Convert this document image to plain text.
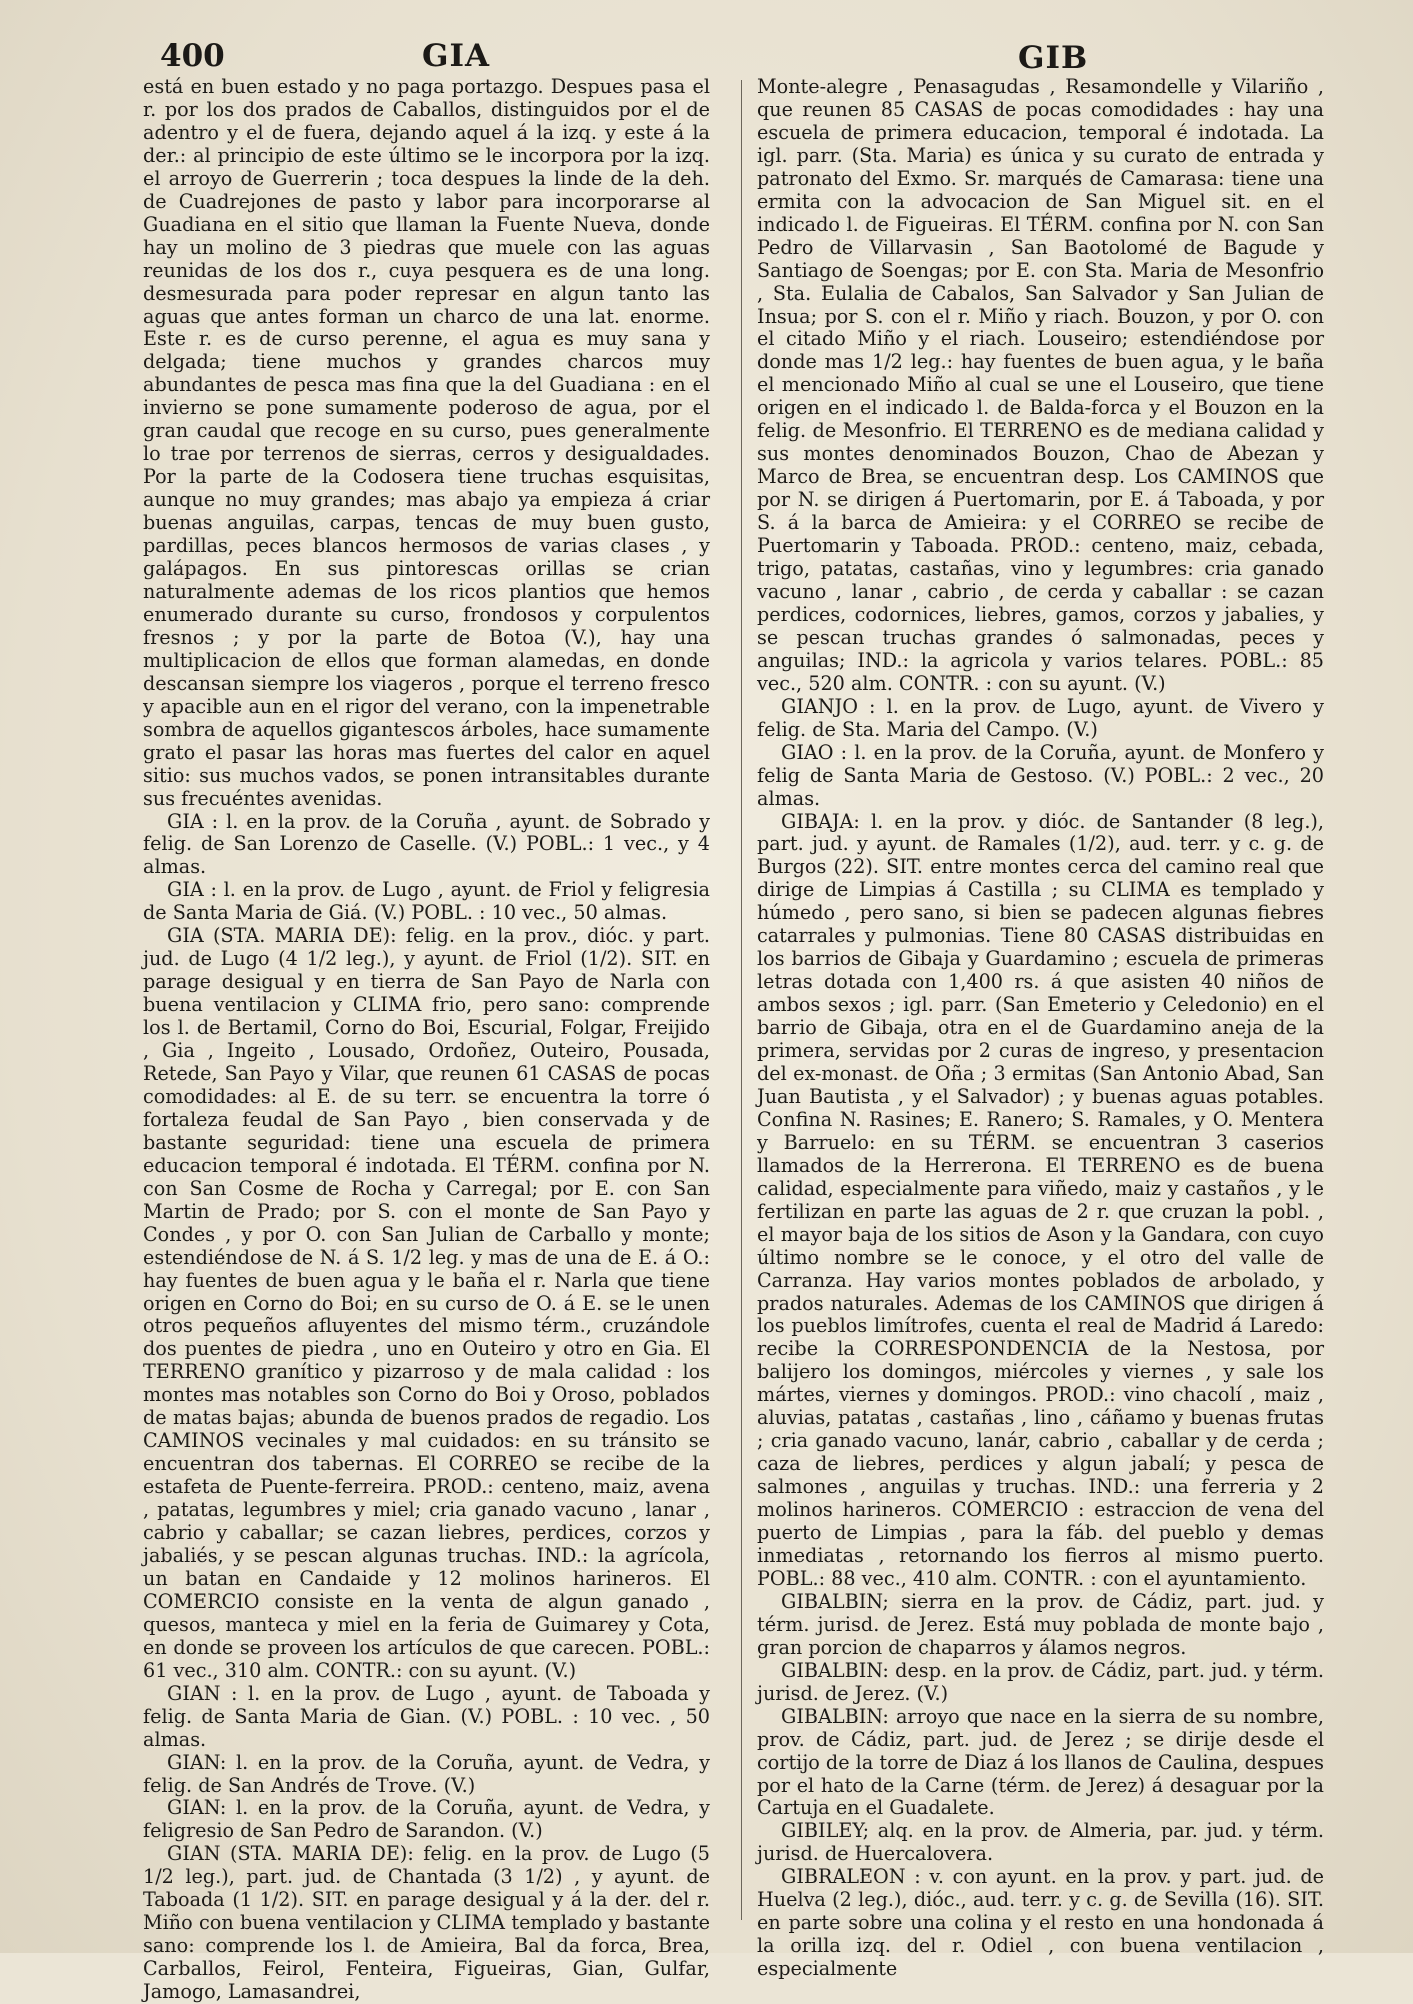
400	GIA	GIB

está en buen estado y no paga portazgo. Despues pasa el r. por los dos prados de Caballos, distinguidos por el de adentro y el de fuera, dejando aquel á la izq. y este á la der.: al principio de este último se le incorpora por la izq. el arroyo de Guerrerin ; toca despues la linde de la deh. de Cuadrejones de pasto y labor para incorporarse al Guadiana en el sitio que llaman la Fuente Nueva, donde hay un molino de 3 piedras que muele con las aguas reunidas de los dos r., cuya pesquera es de una long. desmesurada para poder represar en algun tanto las aguas que antes forman un charco de una lat. enorme. Este r. es de curso perenne, el agua es muy sana y delgada; tiene muchos y grandes charcos muy abundantes de pesca mas fina que la del Guadiana : en el invierno se pone sumamente poderoso de agua, por el gran caudal que recoge en su curso, pues generalmente lo trae por terrenos de sierras, cerros y desigualdades. Por la parte de la Codosera tiene truchas esquisitas, aunque no muy grandes; mas abajo ya empieza á criar buenas anguilas, carpas, tencas de muy buen gusto, pardillas, peces blancos hermosos de varias clases , y galápagos. En sus pintorescas orillas se crian naturalmente ademas de los ricos plantios que hemos enumerado durante su curso, frondosos y corpulentos fresnos ; y por la parte de Botoa (V.), hay una multiplicacion de ellos que forman alamedas, en donde descansan siempre los viageros , porque el terreno fresco y apacible aun en el rigor del verano, con la impenetrable sombra de aquellos gigantescos árboles, hace sumamente grato el pasar las horas mas fuertes del calor en aquel sitio: sus muchos vados, se ponen intransitables durante sus frecuéntes avenidas.

GIA : l. en la prov. de la Coruña , ayunt. de Sobrado y felig. de San Lorenzo de Caselle. (V.) POBL.: 1 vec., y 4 almas.

GIA : l. en la prov. de Lugo , ayunt. de Friol y feligresia de Santa Maria de Giá. (V.) POBL. : 10 vec., 50 almas.

GIA (STA. MARIA DE): felig. en la prov., dióc. y part. jud. de Lugo (4 1/2 leg.), y ayunt. de Friol (1/2). SIT. en parage desigual y en tierra de San Payo de Narla con buena ventilacion y CLIMA frio, pero sano: comprende los l. de Bertamil, Corno do Boi, Escurial, Folgar, Freijido , Gia , Ingeito , Lousado, Ordoñez, Outeiro, Pousada, Retede, San Payo y Vilar, que reunen 61 CASAS de pocas comodidades: al E. de su terr. se encuentra la torre ó fortaleza feudal de San Payo , bien conservada y de bastante seguridad: tiene una escuela de primera educacion temporal é indotada. El TÉRM. confina por N. con San Cosme de Rocha y Carregal; por E. con San Martin de Prado; por S. con el monte de San Payo y Condes , y por O. con San Julian de Carballo y monte; estendiéndose de N. á S. 1/2 leg. y mas de una de E. á O.: hay fuentes de buen agua y le baña el r. Narla que tiene origen en Corno do Boi; en su curso de O. á E. se le unen otros pequeños afluyentes del mismo térm., cruzándole dos puentes de piedra , uno en Outeiro y otro en Gia. El TERRENO granítico y pizarroso y de mala calidad : los montes mas notables son Corno do Boi y Oroso, poblados de matas bajas; abunda de buenos prados de regadio. Los CAMINOS vecinales y mal cuidados: en su tránsito se encuentran dos tabernas. El CORREO se recibe de la estafeta de Puente-ferreira. PROD.: centeno, maiz, avena , patatas, legumbres y miel; cria ganado vacuno , lanar , cabrio y caballar; se cazan liebres, perdices, corzos y jabaliés, y se pescan algunas truchas. IND.: la agrícola, un batan en Candaide y 12 molinos harineros. El COMERCIO consiste en la venta de algun ganado , quesos, manteca y miel en la feria de Guimarey y Cota, en donde se proveen los artículos de que carecen. POBL.: 61 vec., 310 alm. CONTR.: con su ayunt. (V.)

GIAN : l. en la prov. de Lugo , ayunt. de Taboada y felig. de Santa Maria de Gian. (V.) POBL. : 10 vec. , 50 almas.

GIAN: l. en la prov. de la Coruña, ayunt. de Vedra, y felig. de San Andrés de Trove. (V.)

GIAN: l. en la prov. de la Coruña, ayunt. de Vedra, y feligresio de San Pedro de Sarandon. (V.)

GIAN (STA. MARIA DE): felig. en la prov. de Lugo (5 1/2 leg.), part. jud. de Chantada (3 1/2) , y ayunt. de Taboada (1 1/2). SIT. en parage desigual y á la der. del r. Miño con buena ventilacion y CLIMA templado y bastante sano: comprende los l. de Amieira, Bal da forca, Brea, Carballos, Feirol, Fenteira, Figueiras, Gian, Gulfar, Jamogo, Lamasandrei,

Monte-alegre , Penasagudas , Resamondelle y Vilariño , que reunen 85 CASAS de pocas comodidades : hay una escuela de primera educacion, temporal é indotada. La igl. parr. (Sta. Maria) es única y su curato de entrada y patronato del Exmo. Sr. marqués de Camarasa: tiene una ermita con la advocacion de San Miguel sit. en el indicado l. de Figueiras. El TÉRM. confina por N. con San Pedro de Villarvasin , San Baotolomé de Bagude y Santiago de Soengas; por E. con Sta. Maria de Mesonfrio , Sta. Eulalia de Cabalos, San Salvador y San Julian de Insua; por S. con el r. Miño y riach. Bouzon, y por O. con el citado Miño y el riach. Louseiro; estendiéndose por donde mas 1/2 leg.: hay fuentes de buen agua, y le baña el mencionado Miño al cual se une el Louseiro, que tiene origen en el indicado l. de Balda-forca y el Bouzon en la felig. de Mesonfrio. El TERRENO es de mediana calidad y sus montes denominados Bouzon, Chao de Abezan y Marco de Brea, se encuentran desp. Los CAMINOS que por N. se dirigen á Puertomarin, por E. á Taboada, y por S. á la barca de Amieira: y el CORREO se recibe de Puertomarin y Taboada. PROD.: centeno, maiz, cebada, trigo, patatas, castañas, vino y legumbres: cria ganado vacuno , lanar , cabrio , de cerda y caballar : se cazan perdices, codornices, liebres, gamos, corzos y jabalies, y se pescan truchas grandes ó salmonadas, peces y anguilas; IND.: la agricola y varios telares. POBL.: 85 vec., 520 alm. CONTR. : con su ayunt. (V.)

GIANJO : l. en la prov. de Lugo, ayunt. de Vivero y felig. de Sta. Maria del Campo. (V.)

GIAO : l. en la prov. de la Coruña, ayunt. de Monfero y felig de Santa Maria de Gestoso. (V.) POBL.: 2 vec., 20 almas.

GIBAJA: l. en la prov. y dióc. de Santander (8 leg.), part. jud. y ayunt. de Ramales (1/2), aud. terr. y c. g. de Burgos (22). SIT. entre montes cerca del camino real que dirige de Limpias á Castilla ; su CLIMA es templado y húmedo , pero sano, si bien se padecen algunas fiebres catarrales y pulmonias. Tiene 80 CASAS distribuidas en los barrios de Gibaja y Guardamino ; escuela de primeras letras dotada con 1,400 rs. á que asisten 40 niños de ambos sexos ; igl. parr. (San Emeterio y Celedonio) en el barrio de Gibaja, otra en el de Guardamino aneja de la primera, servidas por 2 curas de ingreso, y presentacion del ex-monast. de Oña ; 3 ermitas (San Antonio Abad, San Juan Bautista , y el Salvador) ; y buenas aguas potables. Confina N. Rasines; E. Ranero; S. Ramales, y O. Mentera y Barruelo: en su TÉRM. se encuentran 3 caserios llamados de la Herrerona. El TERRENO es de buena calidad, especialmente para viñedo, maiz y castaños , y le fertilizan en parte las aguas de 2 r. que cruzan la pobl. , el mayor baja de los sitios de Ason y la Gandara, con cuyo último nombre se le conoce, y el otro del valle de Carranza. Hay varios montes poblados de arbolado, y prados naturales. Ademas de los CAMINOS que dirigen á los pueblos limítrofes, cuenta el real de Madrid á Laredo: recibe la CORRESPONDENCIA de la Nestosa, por balijero los domingos, miércoles y viernes , y sale los mártes, viernes y domingos. PROD.: vino chacolí , maiz , aluvias, patatas , castañas , lino , cáñamo y buenas frutas ; cria ganado vacuno, lanár, cabrio , caballar y de cerda ; caza de liebres, perdices y algun jabalí; y pesca de salmones , anguilas y truchas. IND.: una ferreria y 2 molinos harineros. COMERCIO : estraccion de vena del puerto de Limpias , para la fáb. del pueblo y demas inmediatas , retornando los fierros al mismo puerto. POBL.: 88 vec., 410 alm. CONTR. : con el ayuntamiento.

GIBALBIN; sierra en la prov. de Cádiz, part. jud. y térm. jurisd. de Jerez. Está muy poblada de monte bajo , gran porcion de chaparros y álamos negros.

GIBALBIN: desp. en la prov. de Cádiz, part. jud. y térm. jurisd. de Jerez. (V.)

GIBALBIN: arroyo que nace en la sierra de su nombre, prov. de Cádiz, part. jud. de Jerez ; se dirije desde el cortijo de la torre de Diaz á los llanos de Caulina, despues por el hato de la Carne (térm. de Jerez) á desaguar por la Cartuja en el Guadalete.

GIBILEY; alq. en la prov. de Almeria, par. jud. y térm. jurisd. de Huercalovera.

GIBRALEON : v. con ayunt. en la prov. y part. jud. de Huelva (2 leg.), dióc., aud. terr. y c. g. de Sevilla (16). SIT. en parte sobre una colina y el resto en una hondonada á la orilla izq. del r. Odiel , con buena ventilacion , especialmente
